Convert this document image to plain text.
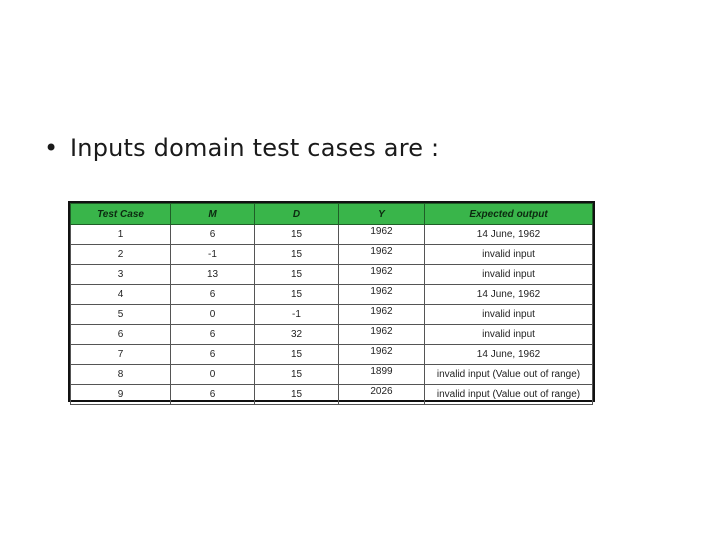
• Inputs domain test cases are :
Test Case	M	D	Y	Expected output
1	6	15	1962	14 June, 1962
2	-1	15	1962	invalid input
3	13	15	1962	invalid input
4	6	15	1962	14 June, 1962
5	0	-1	1962	invalid input
6	6	32	1962	invalid input
7	6	15	1962	14 June, 1962
8	0	15	1899	invalid input (Value out of range)
9	6	15	2026	invalid input (Value out of range)
